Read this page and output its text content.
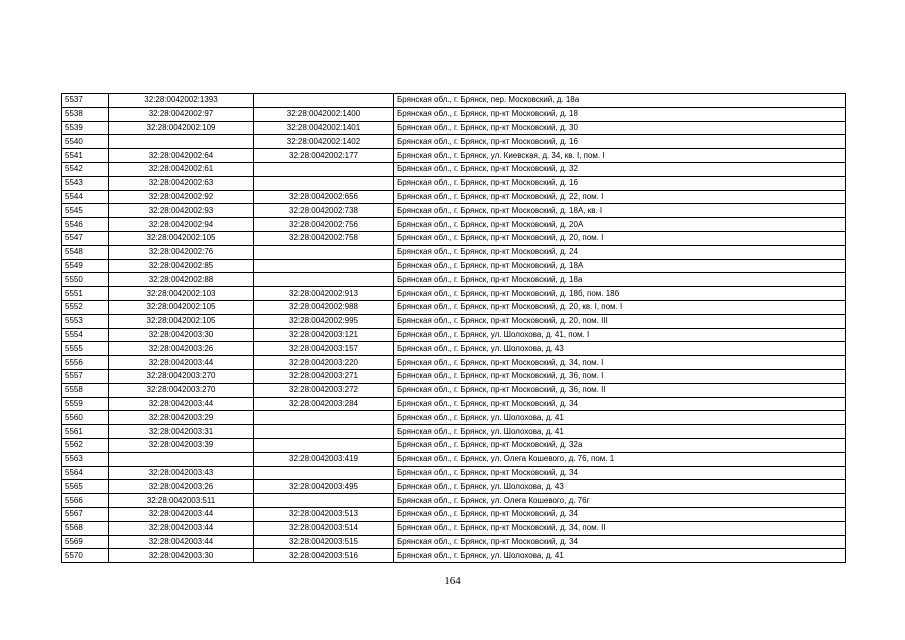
5537	32:28:0042002:1393		Брянская обл., г. Брянск, пер. Московский, д. 18а
5538	32:28:0042002:97	32:28:0042002:1400	Брянская обл., г. Брянск, пр-кт Московский, д. 18
5539	32:28:0042002:109	32:28:0042002:1401	Брянская обл., г. Брянск, пр-кт Московский, д. 30
5540		32:28:0042002:1402	Брянская обл., г. Брянск, пр-кт Московский, д. 16
5541	32:28:0042002:64	32:28:0042002:177	Брянская обл., г. Брянск, ул. Киевская, д. 34, кв. I, пом. I
5542	32:28:0042002:61		Брянская обл., г. Брянск, пр-кт Московский, д. 32
5543	32:28:0042002:63		Брянская обл., г. Брянск, пр-кт Московский, д. 16
5544	32:28:0042002:92	32:28:0042002:656	Брянская обл., г. Брянск, пр-кт Московский, д. 22, пом. I
5545	32:28:0042002:93	32:28:0042002:738	Брянская обл., г. Брянск, пр-кт Московский, д. 18А, кв. I
5546	32:28:0042002:94	32:28:0042002:756	Брянская обл., г. Брянск, пр-кт Московский, д. 20А
5547	32:28:0042002:105	32:28:0042002:758	Брянская обл., г. Брянск, пр-кт Московский, д. 20, пом. I
5548	32:28:0042002:76		Брянская обл., г. Брянск, пр-кт Московский, д. 24
5549	32:28:0042002:85		Брянская обл., г. Брянск, пр-кт Московский, д. 18А
5550	32:28:0042002:88		Брянская обл., г. Брянск, пр-кт Московский, д. 18а
5551	32:28:0042002:103	32:28:0042002:913	Брянская обл., г. Брянск, пр-кт Московский, д. 18б, пом. 18б
5552	32:28:0042002:105	32:28:0042002:988	Брянская обл., г. Брянск, пр-кт Московский, д. 20, кв. I, пом. I
5553	32:28:0042002:105	32:28:0042002:995	Брянская обл., г. Брянск, пр-кт Московский, д. 20, пом. III
5554	32:28:0042003:30	32:28:0042003:121	Брянская обл., г. Брянск, ул. Шолохова, д. 41, пом. I
5555	32:28:0042003:26	32:28:0042003:157	Брянская обл., г. Брянск, ул. Шолохова, д. 43
5556	32:28:0042003:44	32:28:0042003:220	Брянская обл., г. Брянск, пр-кт Московский, д. 34, пом. I
5557	32:28:0042003:270	32:28:0042003:271	Брянская обл., г. Брянск, пр-кт Московский, д. 36, пом. I
5558	32:28:0042003:270	32:28:0042003:272	Брянская обл., г. Брянск, пр-кт Московский, д. 36, пом. II
5559	32:28:0042003:44	32:28:0042003:284	Брянская обл., г. Брянск, пр-кт Московский, д. 34
5560	32:28:0042003:29		Брянская обл., г. Брянск, ул. Шолохова, д. 41
5561	32:28:0042003:31		Брянская обл., г. Брянск, ул. Шолохова, д. 41
5562	32:28:0042003:39		Брянская обл., г. Брянск, пр-кт Московский, д. 32а
5563		32:28:0042003:419	Брянская обл., г. Брянск, ул. Олега Кошевого, д. 76, пом. 1
5564	32:28:0042003:43		Брянская обл., г. Брянск, пр-кт Московский, д. 34
5565	32:28:0042003:26	32:28:0042003:495	Брянская обл., г. Брянск, ул. Шолохова, д. 43
5566	32:28:0042003:511		Брянская обл., г. Брянск, ул. Олега Кошевого, д. 76г
5567	32:28:0042003:44	32:28:0042003:513	Брянская обл., г. Брянск, пр-кт Московский, д. 34
5568	32:28:0042003:44	32:28:0042003:514	Брянская обл., г. Брянск, пр-кт Московский, д. 34, пом. II
5569	32:28:0042003:44	32:28:0042003:515	Брянская обл., г. Брянск, пр-кт Московский, д. 34
5570	32:28:0042003:30	32:28:0042003:516	Брянская обл., г. Брянск, ул. Шолохова, д. 41
164
